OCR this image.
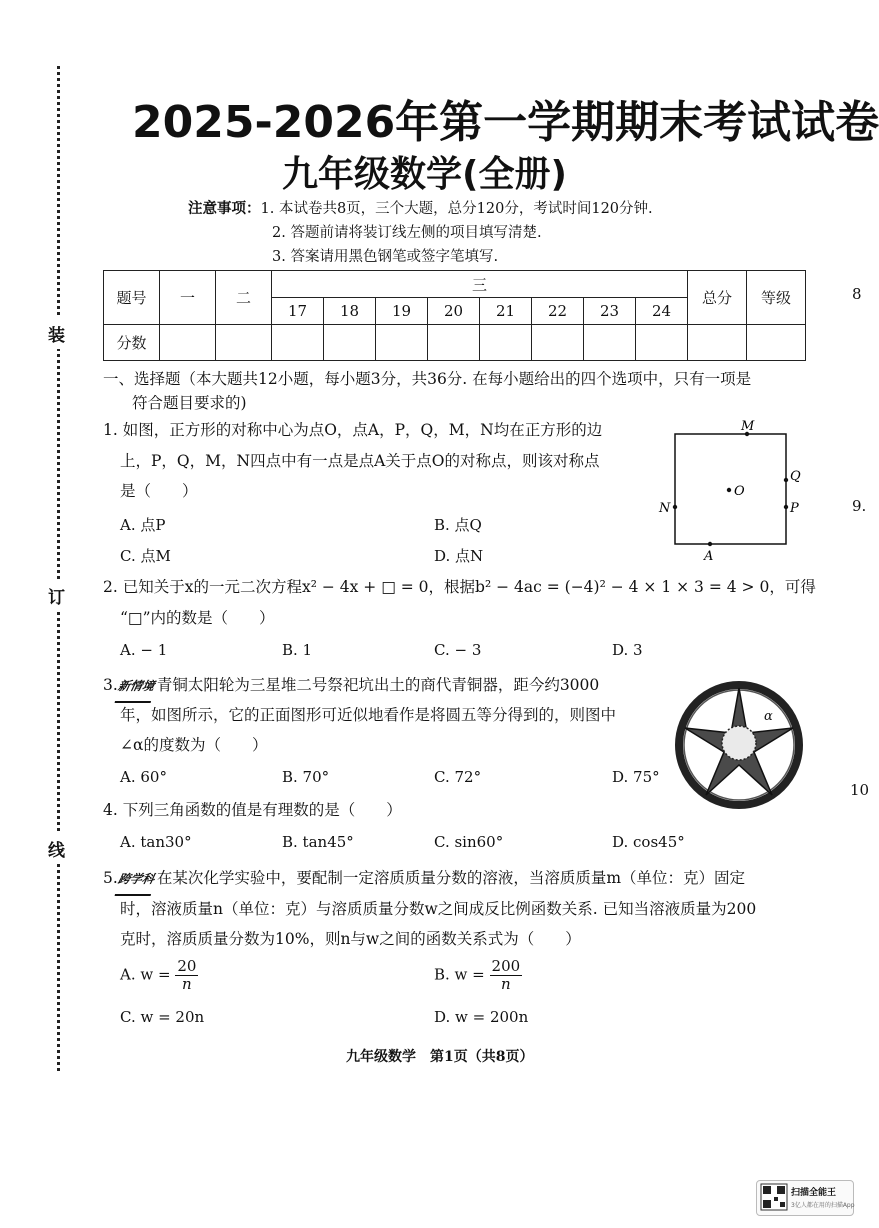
装
订
线
2025-2026年第一学期期末考试试卷
九年级数学(全册)
注意事项：1. 本试卷共8页，三个大题，总分120分，考试时间120分钟.
2. 答题前请将装订线左侧的项目填写清楚.
3. 答案请用黑色钢笔或签字笔填写.
题号	一	二	三								总分	等级
			17	18	19	20	21	22	23	24		
分数												
一、选择题（本大题共12小题，每小题3分，共36分. 在每小题给出的四个选项中，只有一项是
符合题目要求的)
1. 如图，正方形的对称中心为点O，点A，P，Q，M，N均在正方形的边
上，P，Q，M，N四点中有一点是点A关于点O的对称点，则该对称点
是（　　）
A. 点P	B. 点Q
C. 点M	D. 点N
M
Q
P
N
A
O
2. 已知关于x的一元二次方程x² − 4x + □ = 0，根据b² − 4ac = (−4)² − 4 × 1 × 3 = 4 > 0，可得
“□”内的数是（　　）
A. − 1	B. 1	C. − 3	D. 3
3.新情境青铜太阳轮为三星堆二号祭祀坑出土的商代青铜器，距今约3000
年，如图所示，它的正面图形可近似地看作是将圆五等分得到的，则图中
∠α的度数为（　　）
A. 60°	B. 70°	C. 72°	D. 75°
α
4. 下列三角函数的值是有理数的是（　　）
A. tan30°	B. tan45°	C. sin60°	D. cos45°
5.跨学科在某次化学实验中，要配制一定溶质质量分数的溶液，当溶质质量m（单位：克）固定
时，溶液质量n（单位：克）与溶质质量分数w之间成反比例函数关系. 已知当溶液质量为200
克时，溶质质量分数为10%，则n与w之间的函数关系式为（　　）
A. $w = \frac{20}{n}$	B. $w = \frac{200}{n}$
C. w = 20n	D. w = 200n
九年级数学　第1页（共8页）
8
9.
10
扫描全能王
3亿人都在用的扫描App
